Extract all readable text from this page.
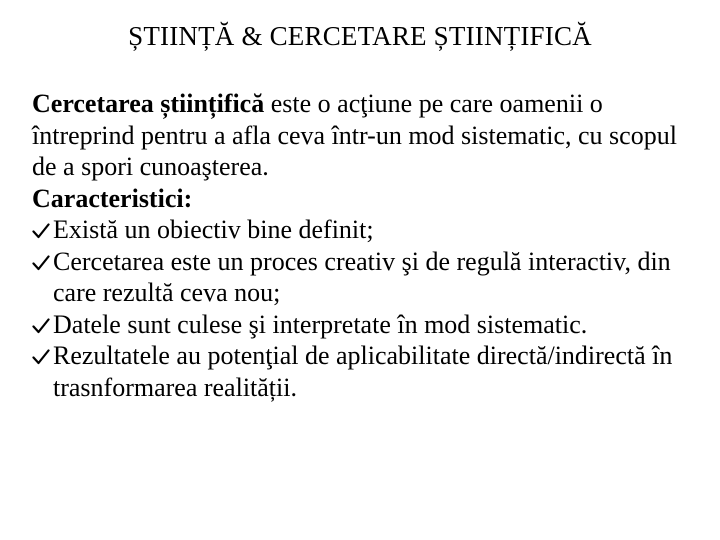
ȘTIINȚĂ & CERCETARE ȘTIINȚIFICĂ

Cercetarea științifică este o acţiune pe care oamenii o întreprind pentru a afla ceva într-un mod sistematic, cu scopul de a spori cunoaşterea.

Caracteristici:

Există un obiectiv bine definit;

Cercetarea este un proces creativ şi de regulă interactiv, din care rezultă ceva nou;

Datele sunt culese şi interpretate în mod sistematic.

Rezultatele au potenţial de aplicabilitate directă/indirectă în trasnformarea realității.
